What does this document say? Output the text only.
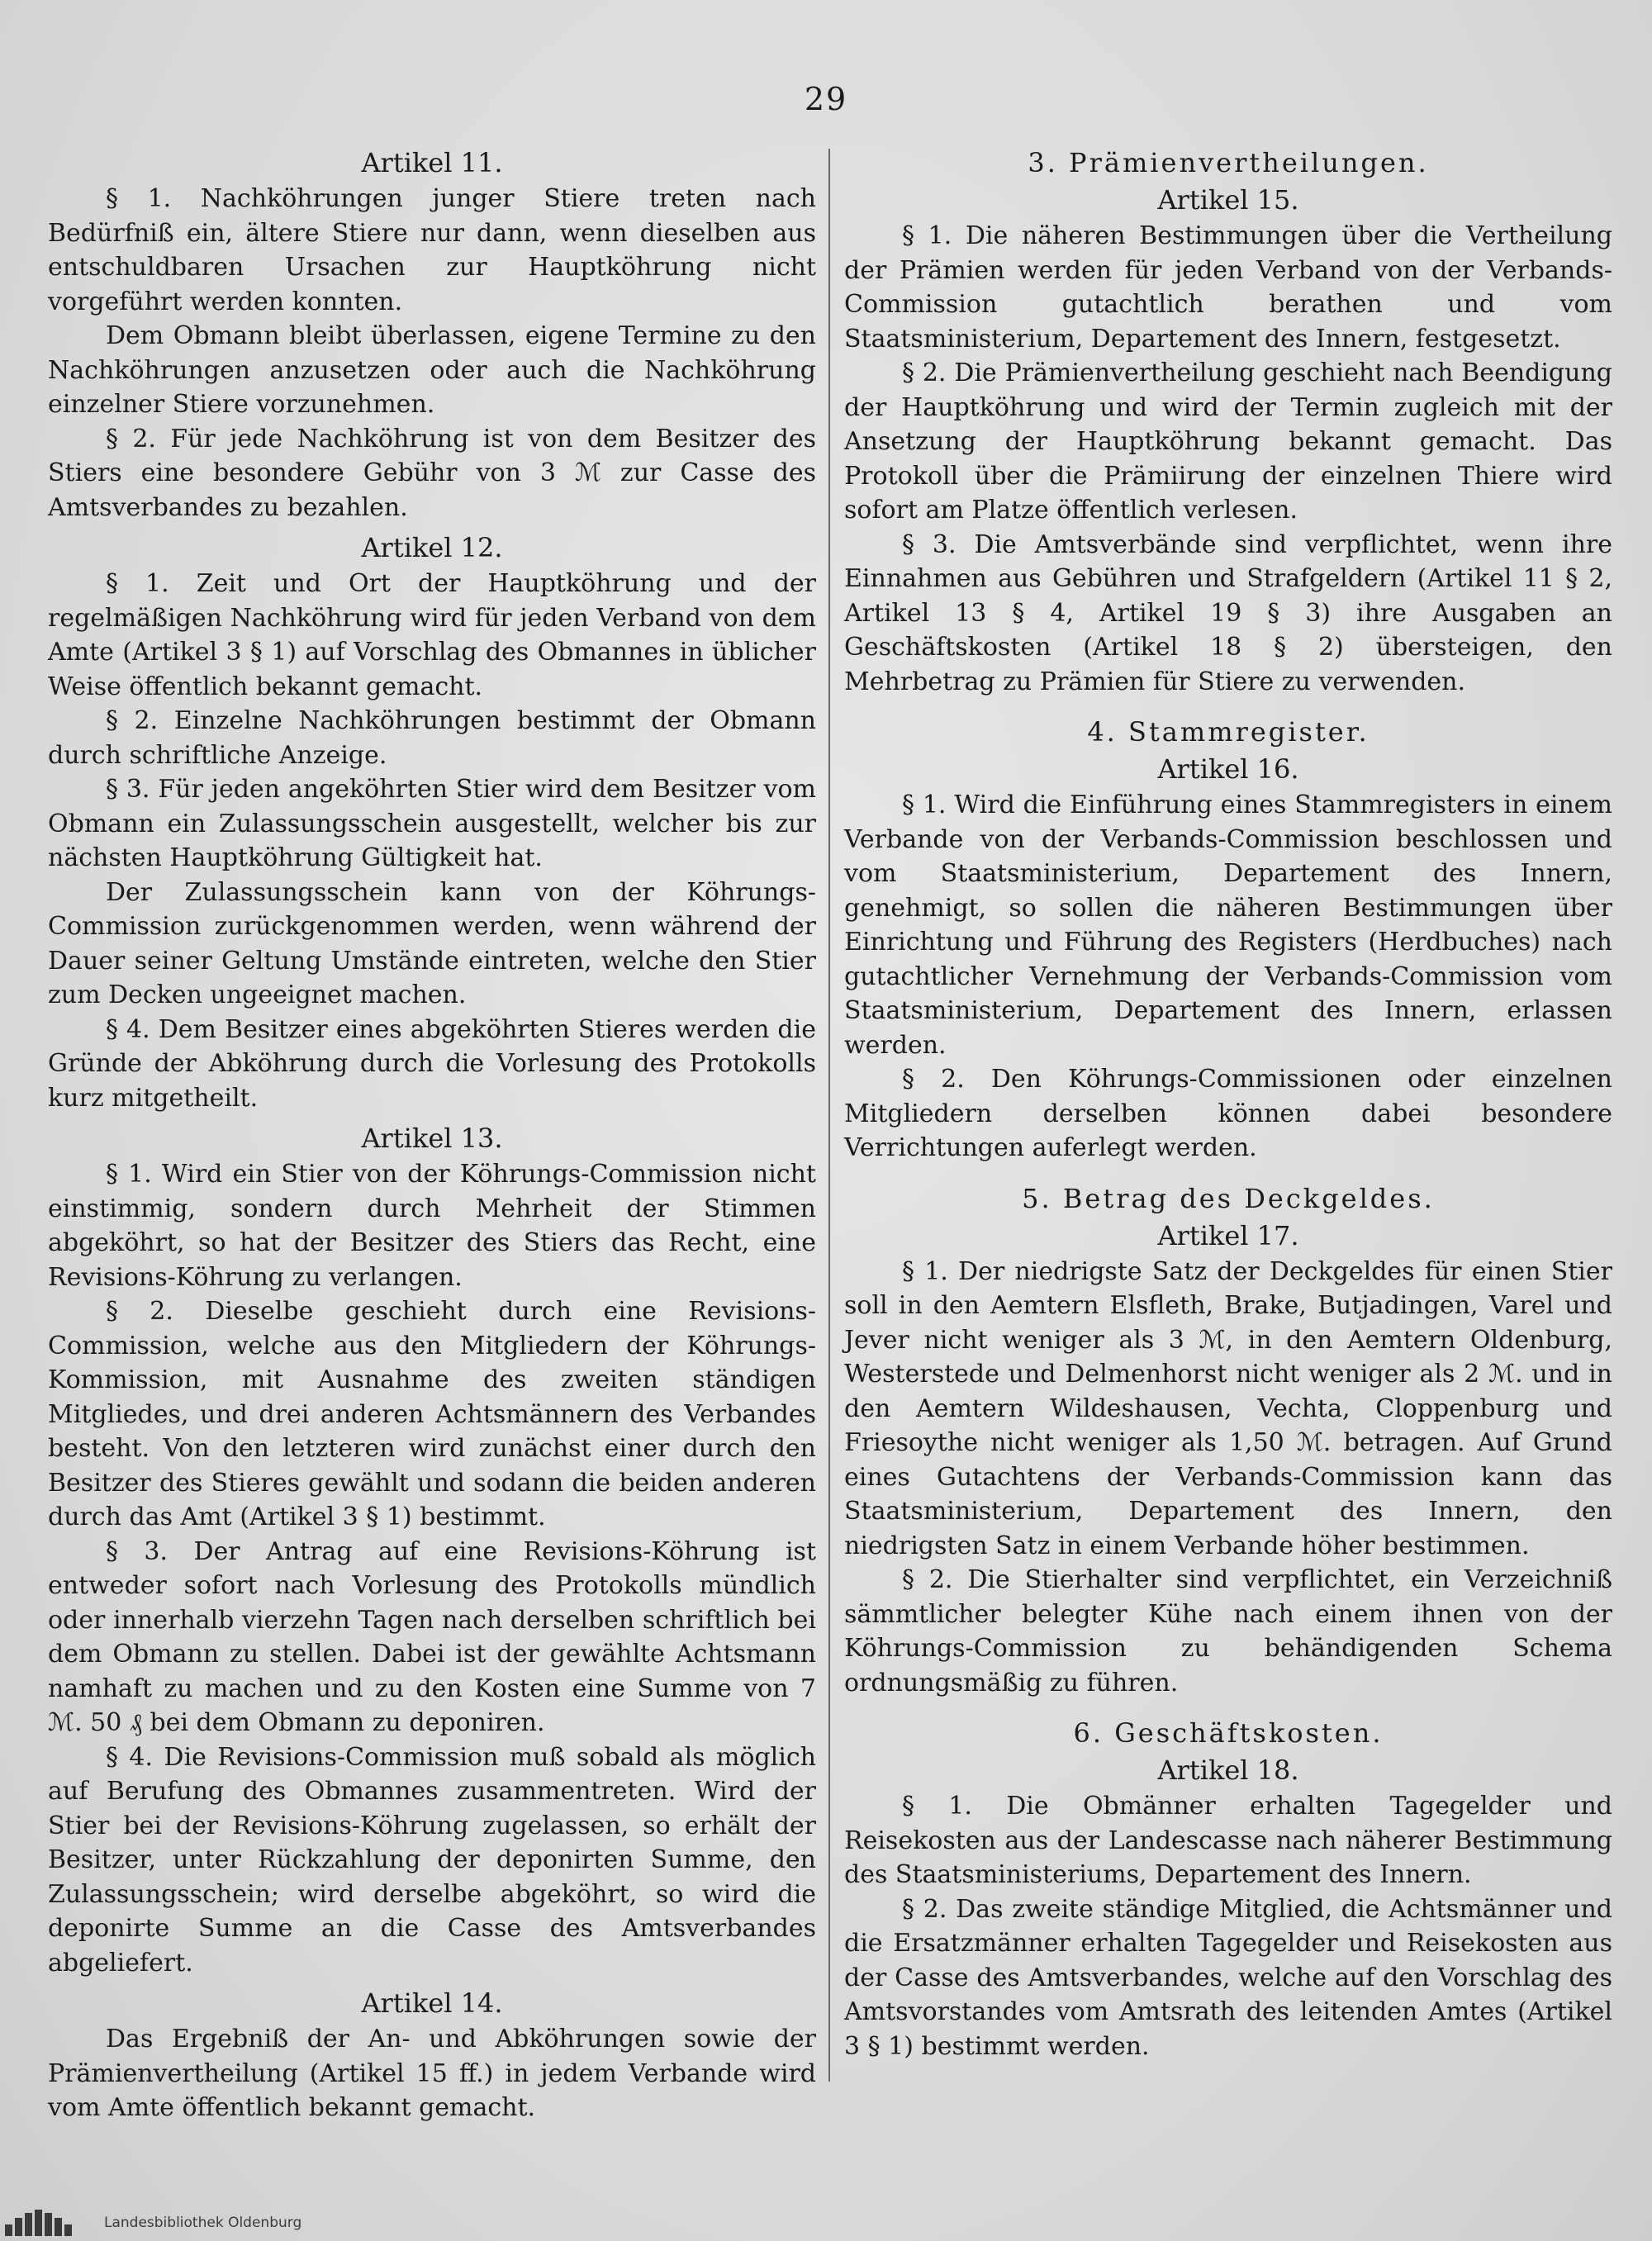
29
Artikel 11.

§ 1. Nachköhrungen junger Stiere treten nach Bedürfniß ein, ältere Stiere nur dann, wenn dieselben aus entschuldbaren Ursachen zur Hauptköhrung nicht vorgeführt werden konnten.

Dem Obmann bleibt überlassen, eigene Termine zu den Nachköhrungen anzusetzen oder auch die Nachköhrung einzelner Stiere vorzunehmen.

§ 2. Für jede Nachköhrung ist von dem Besitzer des Stiers eine besondere Gebühr von 3 ℳ zur Casse des Amtsverbandes zu bezahlen.

Artikel 12.

§ 1. Zeit und Ort der Hauptköhrung und der regelmäßigen Nachköhrung wird für jeden Verband von dem Amte (Artikel 3 § 1) auf Vorschlag des Obmannes in üblicher Weise öffentlich bekannt gemacht.

§ 2. Einzelne Nachköhrungen bestimmt der Obmann durch schriftliche Anzeige.

§ 3. Für jeden angeköhrten Stier wird dem Besitzer vom Obmann ein Zulassungsschein ausgestellt, welcher bis zur nächsten Hauptköhrung Gültigkeit hat.

Der Zulassungsschein kann von der Köhrungs-Commission zurückgenommen werden, wenn während der Dauer seiner Geltung Umstände eintreten, welche den Stier zum Decken ungeeignet machen.

§ 4. Dem Besitzer eines abgeköhrten Stieres werden die Gründe der Abköhrung durch die Vorlesung des Protokolls kurz mitgetheilt.

Artikel 13.

§ 1. Wird ein Stier von der Köhrungs-Commission nicht einstimmig, sondern durch Mehrheit der Stimmen abgeköhrt, so hat der Besitzer des Stiers das Recht, eine Revisions-Köhrung zu verlangen.

§ 2. Dieselbe geschieht durch eine Revisions-Commission, welche aus den Mitgliedern der Köhrungs-Kommission, mit Ausnahme des zweiten ständigen Mitgliedes, und drei anderen Achtsmännern des Verbandes besteht. Von den letzteren wird zunächst einer durch den Besitzer des Stieres gewählt und sodann die beiden anderen durch das Amt (Artikel 3 § 1) bestimmt.

§ 3. Der Antrag auf eine Revisions-Köhrung ist entweder sofort nach Vorlesung des Protokolls mündlich oder innerhalb vierzehn Tagen nach derselben schriftlich bei dem Obmann zu stellen. Dabei ist der gewählte Achtsmann namhaft zu machen und zu den Kosten eine Summe von 7 ℳ. 50 ₰ bei dem Obmann zu deponiren.

§ 4. Die Revisions-Commission muß sobald als möglich auf Berufung des Obmannes zusammentreten. Wird der Stier bei der Revisions-Köhrung zugelassen, so erhält der Besitzer, unter Rückzahlung der deponirten Summe, den Zulassungsschein; wird derselbe abgeköhrt, so wird die deponirte Summe an die Casse des Amtsverbandes abgeliefert.

Artikel 14.

Das Ergebniß der An- und Abköhrungen sowie der Prämienvertheilung (Artikel 15 ff.) in jedem Verbande wird vom Amte öffentlich bekannt gemacht.

3. Prämienvertheilungen.
Artikel 15.

§ 1. Die näheren Bestimmungen über die Vertheilung der Prämien werden für jeden Verband von der Verbands-Commission gutachtlich berathen und vom Staatsministerium, Departement des Innern, festgesetzt.

§ 2. Die Prämienvertheilung geschieht nach Beendigung der Hauptköhrung und wird der Termin zugleich mit der Ansetzung der Hauptköhrung bekannt gemacht. Das Protokoll über die Prämiirung der einzelnen Thiere wird sofort am Platze öffentlich verlesen.

§ 3. Die Amtsverbände sind verpflichtet, wenn ihre Einnahmen aus Gebühren und Strafgeldern (Artikel 11 § 2, Artikel 13 § 4, Artikel 19 § 3) ihre Ausgaben an Geschäftskosten (Artikel 18 § 2) übersteigen, den Mehrbetrag zu Prämien für Stiere zu verwenden.

4. Stammregister.
Artikel 16.

§ 1. Wird die Einführung eines Stammregisters in einem Verbande von der Verbands-Commission beschlossen und vom Staatsministerium, Departement des Innern, genehmigt, so sollen die näheren Bestimmungen über Einrichtung und Führung des Registers (Herdbuches) nach gutachtlicher Vernehmung der Verbands-Commission vom Staatsministerium, Departement des Innern, erlassen werden.

§ 2. Den Köhrungs-Commissionen oder einzelnen Mitgliedern derselben können dabei besondere Verrichtungen auferlegt werden.

5. Betrag des Deckgeldes.
Artikel 17.

§ 1. Der niedrigste Satz der Deckgeldes für einen Stier soll in den Aemtern Elsfleth, Brake, Butjadingen, Varel und Jever nicht weniger als 3 ℳ, in den Aemtern Oldenburg, Westerstede und Delmenhorst nicht weniger als 2 ℳ. und in den Aemtern Wildeshausen, Vechta, Cloppenburg und Friesoythe nicht weniger als 1,50 ℳ. betragen. Auf Grund eines Gutachtens der Verbands-Commission kann das Staatsministerium, Departement des Innern, den niedrigsten Satz in einem Verbande höher bestimmen.

§ 2. Die Stierhalter sind verpflichtet, ein Verzeichniß sämmtlicher belegter Kühe nach einem ihnen von der Köhrungs-Commission zu behändigenden Schema ordnungsmäßig zu führen.

6. Geschäftskosten.
Artikel 18.

§ 1. Die Obmänner erhalten Tagegelder und Reisekosten aus der Landescasse nach näherer Bestimmung des Staatsministeriums, Departement des Innern.

§ 2. Das zweite ständige Mitglied, die Achtsmänner und die Ersatzmänner erhalten Tagegelder und Reisekosten aus der Casse des Amtsverbandes, welche auf den Vorschlag des Amtsvorstandes vom Amtsrath des leitenden Amtes (Artikel 3 § 1) bestimmt werden.

Landesbibliothek Oldenburg
